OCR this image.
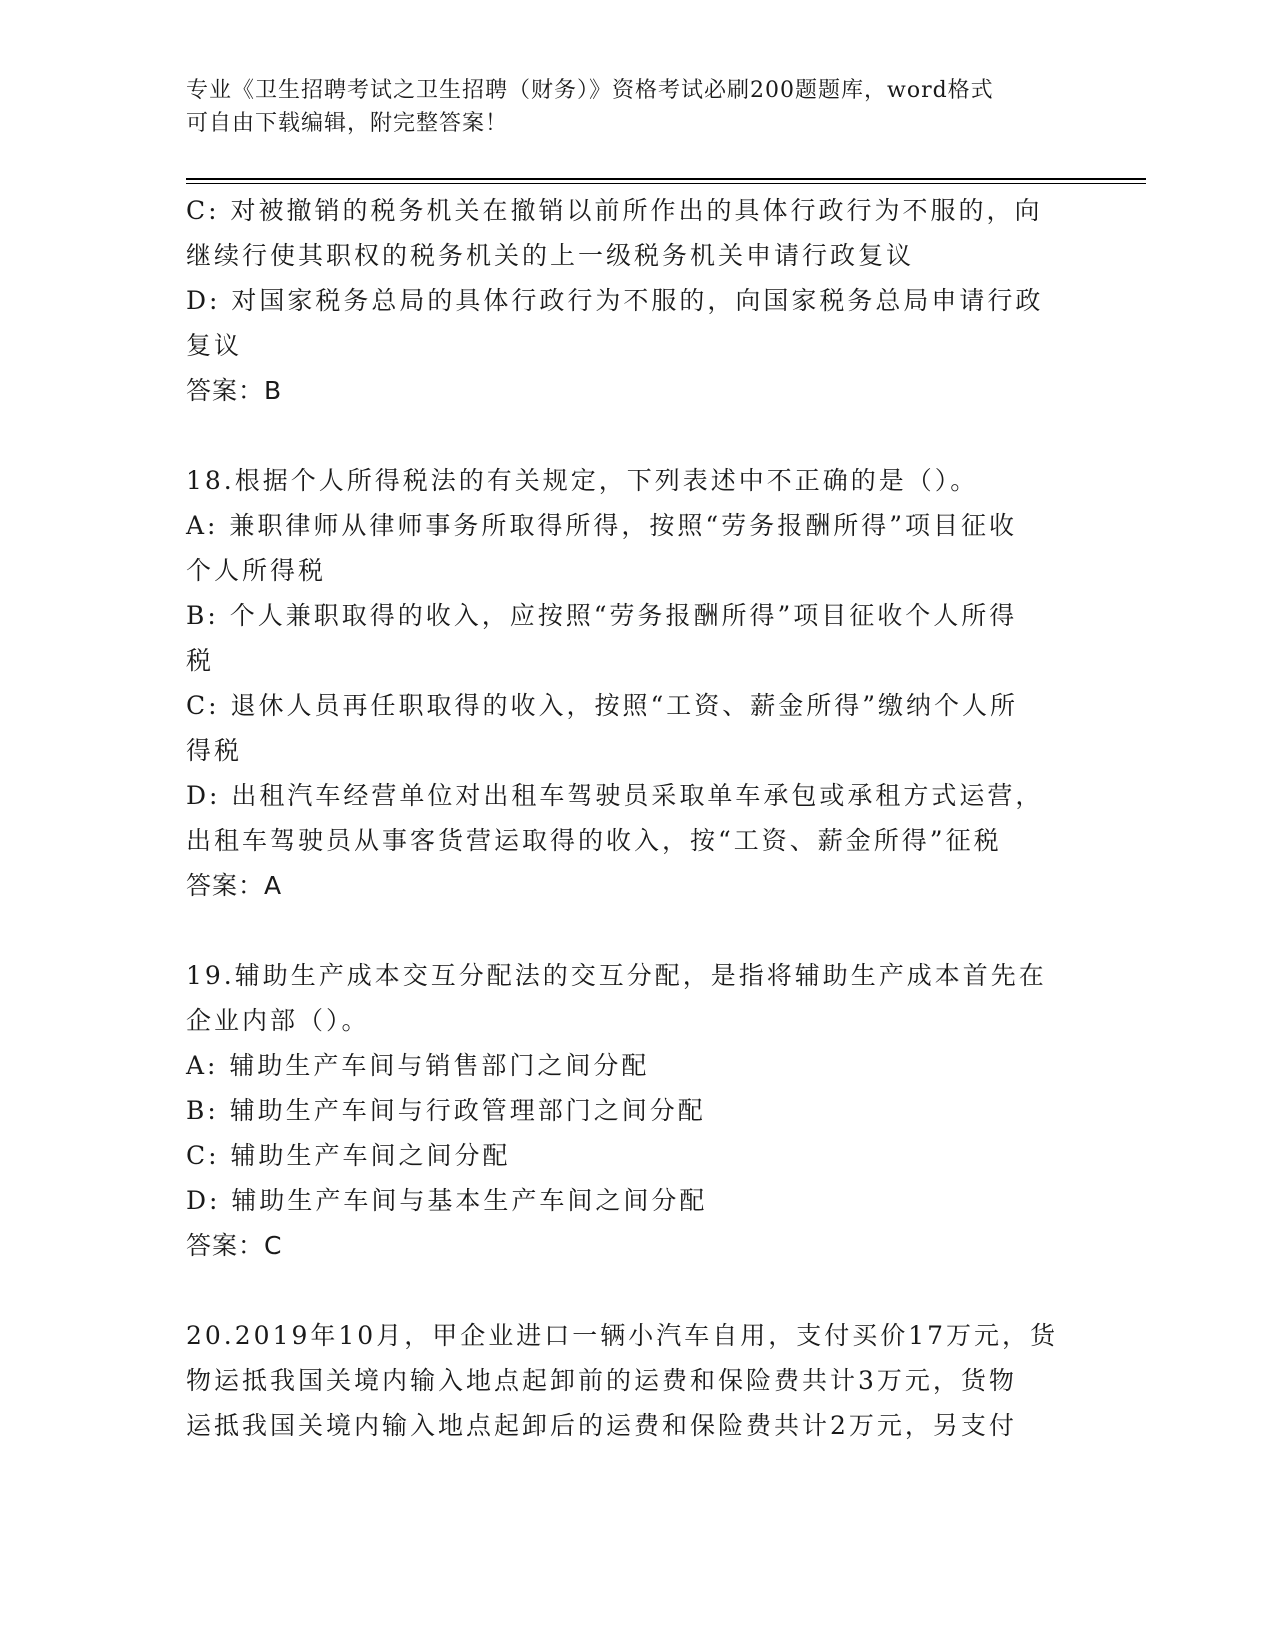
专业《卫生招聘考试之卫生招聘（财务）》资格考试必刷200题题库，word格式
可自由下载编辑，附完整答案！
C: 对被撤销的税务机关在撤销以前所作出的具体行政行为不服的，向
继续行使其职权的税务机关的上一级税务机关申请行政复议
D: 对国家税务总局的具体行政行为不服的，向国家税务总局申请行政
复议
答案：B
18.根据个人所得税法的有关规定，下列表述中不正确的是（）。
A: 兼职律师从律师事务所取得所得，按照“劳务报酬所得”项目征收
个人所得税
B: 个人兼职取得的收入，应按照“劳务报酬所得”项目征收个人所得
税
C: 退休人员再任职取得的收入，按照“工资、薪金所得”缴纳个人所
得税
D: 出租汽车经营单位对出租车驾驶员采取单车承包或承租方式运营，
出租车驾驶员从事客货营运取得的收入，按“工资、薪金所得”征税
答案：A
19.辅助生产成本交互分配法的交互分配，是指将辅助生产成本首先在
企业内部（）。
A: 辅助生产车间与销售部门之间分配
B: 辅助生产车间与行政管理部门之间分配
C: 辅助生产车间之间分配
D: 辅助生产车间与基本生产车间之间分配
答案：C
20.2019年10月，甲企业进口一辆小汽车自用，支付买价17万元，货
物运抵我国关境内输入地点起卸前的运费和保险费共计3万元，货物
运抵我国关境内输入地点起卸后的运费和保险费共计2万元，另支付
